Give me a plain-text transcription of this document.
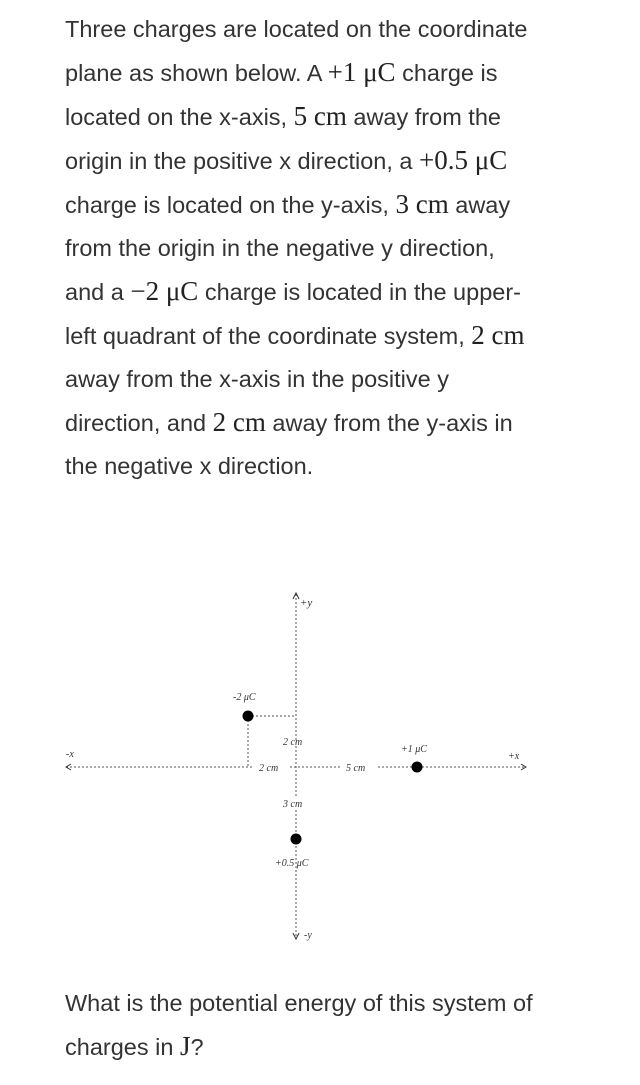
Three charges are located on the coordinate plane as shown below. A +1 μC charge is located on the x-axis, 5 cm away from the origin in the positive x direction, a +0.5 μC charge is located on the y-axis, 3 cm away from the origin in the negative y direction, and a −2 μC charge is located in the upper-left quadrant of the coordinate system, 2 cm away from the x-axis in the positive y direction, and 2 cm away from the y-axis in the negative x direction.
+y
-y
+x
-x
-2 μC
+1 μC
+0.5 μC
2 cm
2 cm	5 cm
3 cm
What is the potential energy of this system of charges in J?
